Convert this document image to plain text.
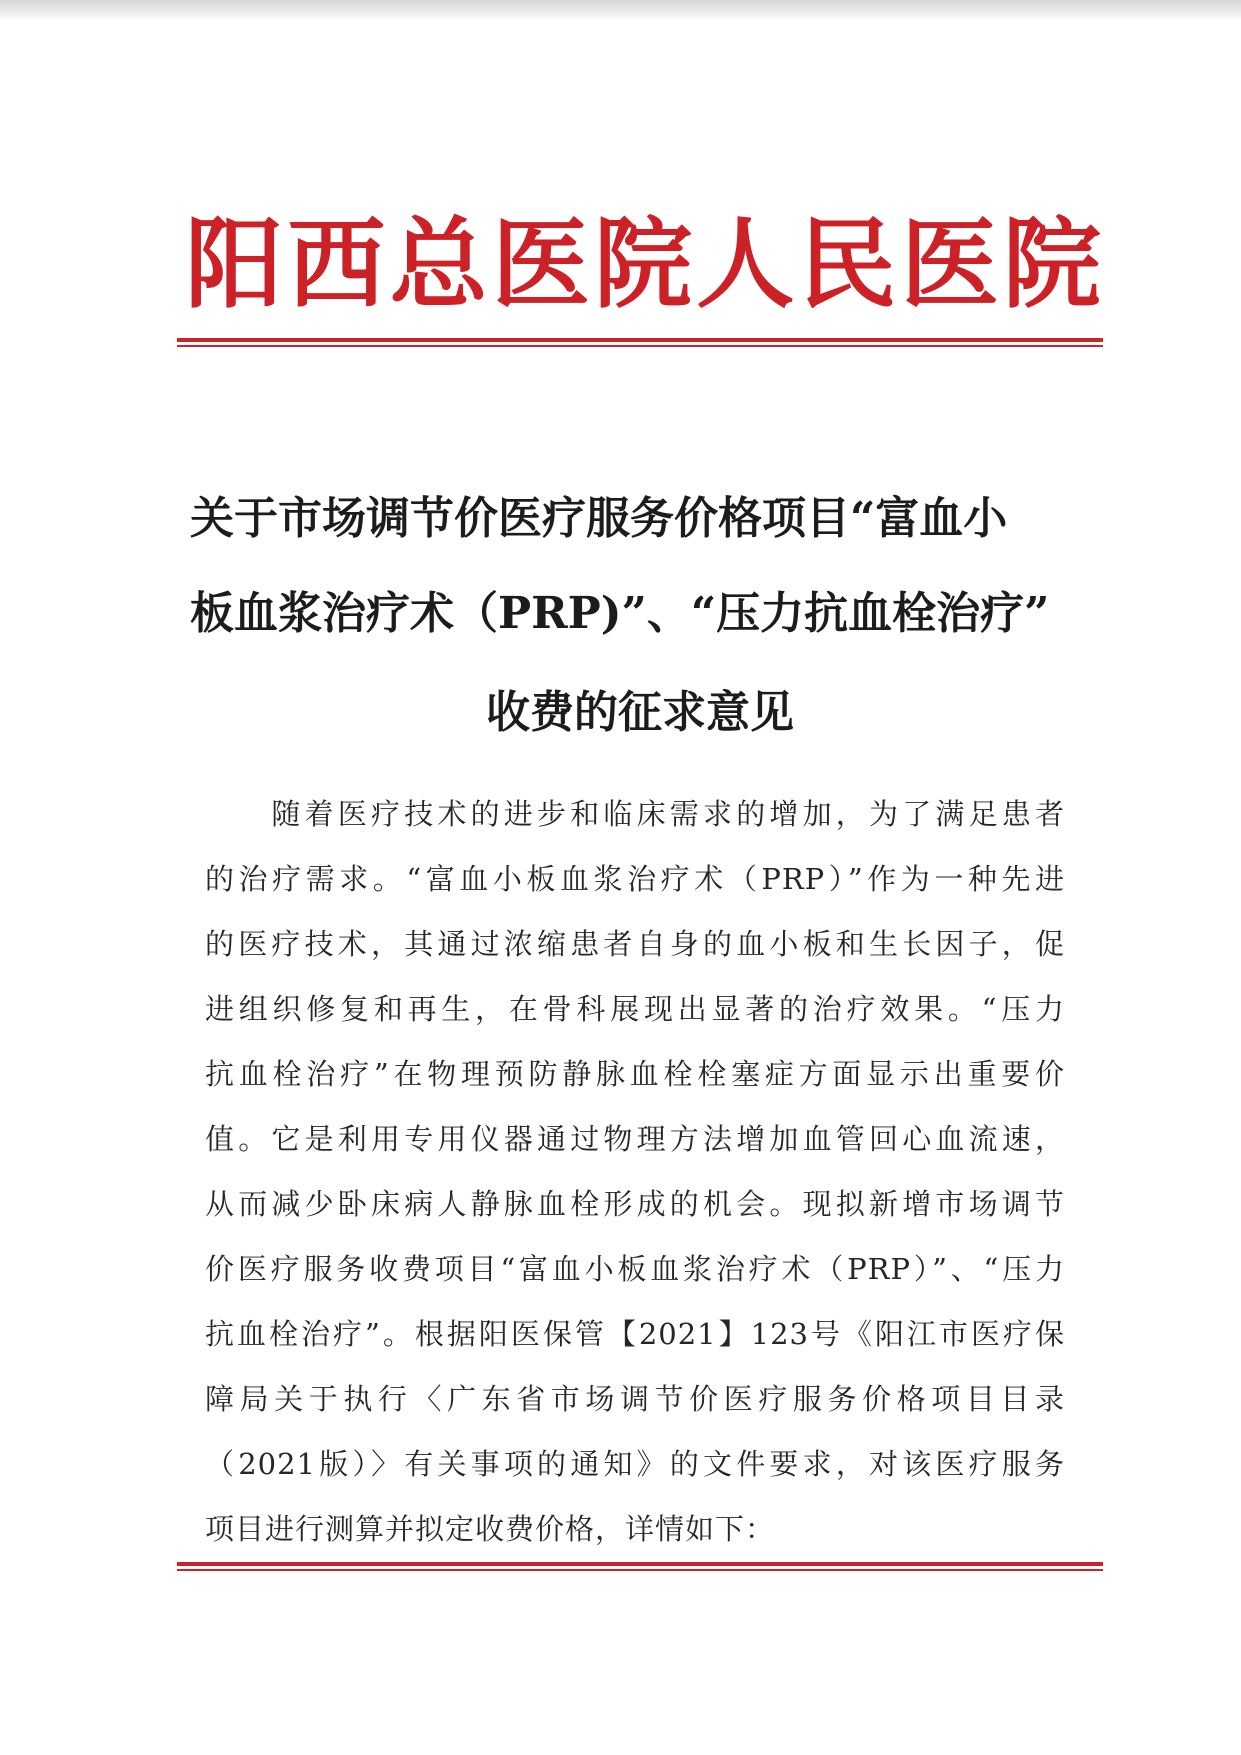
阳 西 总 医 院 人 民 医 院
关于市场调节价医疗服务价格项目“富血小
板血浆治疗术（PRP)”、“压力抗血栓治疗”
收费的征求意见
　　随着医疗技术的进步和临床需求的增加，为了满足患者
的治疗需求。“富血小板血浆治疗术（PRP）”作为一种先进
的医疗技术，其通过浓缩患者自身的血小板和生长因子，促
进组织修复和再生，在骨科展现出显著的治疗效果。“压力
抗血栓治疗”在物理预防静脉血栓栓塞症方面显示出重要价
值。它是利用专用仪器通过物理方法增加血管回心血流速，
从而减少卧床病人静脉血栓形成的机会。现拟新增市场调节
价医疗服务收费项目“富血小板血浆治疗术（PRP）”、“压力
抗血栓治疗”。根据阳医保管【2021】123号《阳江市医疗保
障局关于执行〈广东省市场调节价医疗服务价格项目目录
（2021版）〉有关事项的通知》的文件要求，对该医疗服务
项目进行测算并拟定收费价格，详情如下：
